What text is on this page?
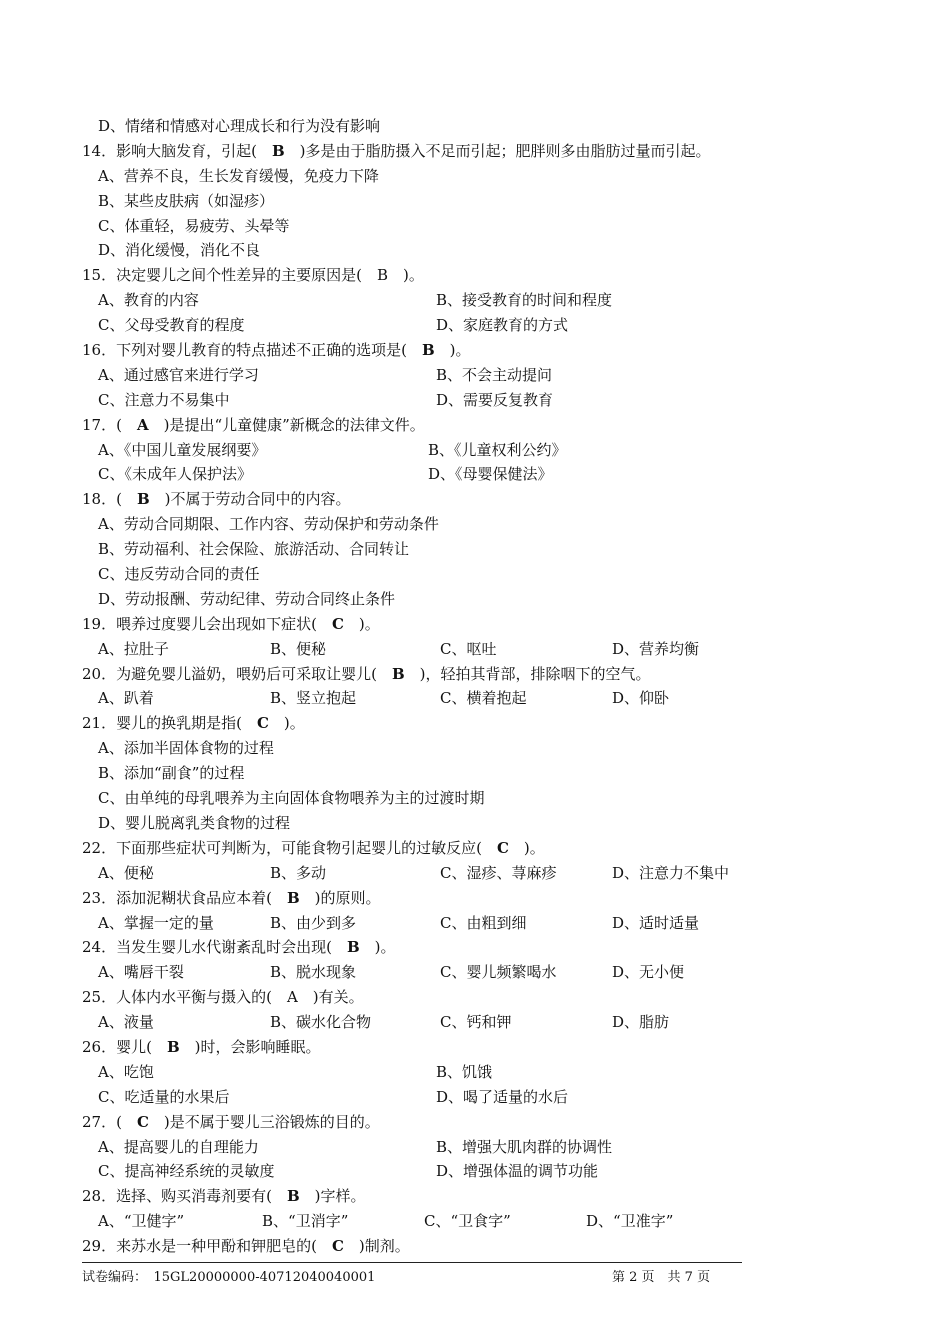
D、情绪和情感对心理成长和行为没有影响
14．影响大脑发育，引起(　B　)多是由于脂肪摄入不足而引起；肥胖则多由脂肪过量而引起。
A、营养不良，生长发育缓慢，免疫力下降
B、某些皮肤病（如湿疹）
C、体重轻，易疲劳、头晕等
D、消化缓慢，消化不良
15．决定婴儿之间个性差异的主要原因是(　B　)。
A、教育的内容	B、接受教育的时间和程度
C、父母受教育的程度	D、家庭教育的方式
16．下列对婴儿教育的特点描述不正确的选项是(　B　)。
A、通过感官来进行学习	B、不会主动提问
C、注意力不易集中	D、需要反复教育
17．(　A　)是提出“儿童健康”新概念的法律文件。
A、《中国儿童发展纲要》	B、《儿童权利公约》
C、《未成年人保护法》	D、《母婴保健法》
18．(　B　)不属于劳动合同中的内容。
A、劳动合同期限、工作内容、劳动保护和劳动条件
B、劳动福利、社会保险、旅游活动、合同转让
C、违反劳动合同的责任
D、劳动报酬、劳动纪律、劳动合同终止条件
19．喂养过度婴儿会出现如下症状(　C　)。
A、拉肚子	B、便秘	C、呕吐	D、营养均衡
20．为避免婴儿溢奶，喂奶后可采取让婴儿(　B　)，轻拍其背部，排除咽下的空气。
A、趴着	B、竖立抱起	C、横着抱起	D、仰卧
21．婴儿的换乳期是指(　C　)。
A、添加半固体食物的过程
B、添加“副食”的过程
C、由单纯的母乳喂养为主向固体食物喂养为主的过渡时期
D、婴儿脱离乳类食物的过程
22．下面那些症状可判断为，可能食物引起婴儿的过敏反应(　C　)。
A、便秘	B、多动	C、湿疹、荨麻疹	D、注意力不集中
23．添加泥糊状食品应本着(　B　)的原则。
A、掌握一定的量	B、由少到多	C、由粗到细	D、适时适量
24．当发生婴儿水代谢紊乱时会出现(　B　)。
A、嘴唇干裂	B、脱水现象	C、婴儿频繁喝水	D、无小便
25．人体内水平衡与摄入的(　A　)有关。
A、液量	B、碳水化合物	C、钙和钾	D、脂肪
26．婴儿(　B　)时，会影响睡眠。
A、吃饱	B、饥饿
C、吃适量的水果后	D、喝了适量的水后
27．(　C　)是不属于婴儿三浴锻炼的目的。
A、提高婴儿的自理能力	B、增强大肌肉群的协调性
C、提高神经系统的灵敏度	D、增强体温的调节功能
28．选择、购买消毒剂要有(　B　)字样。
A、“卫健字”	B、“卫消字”	C、“卫食字”	D、“卫准字”
29．来苏水是一种甲酚和钾肥皂的(　C　)制剂。
试卷编码：　15GL20000000-40712040040001	第 2 页　共 7 页
